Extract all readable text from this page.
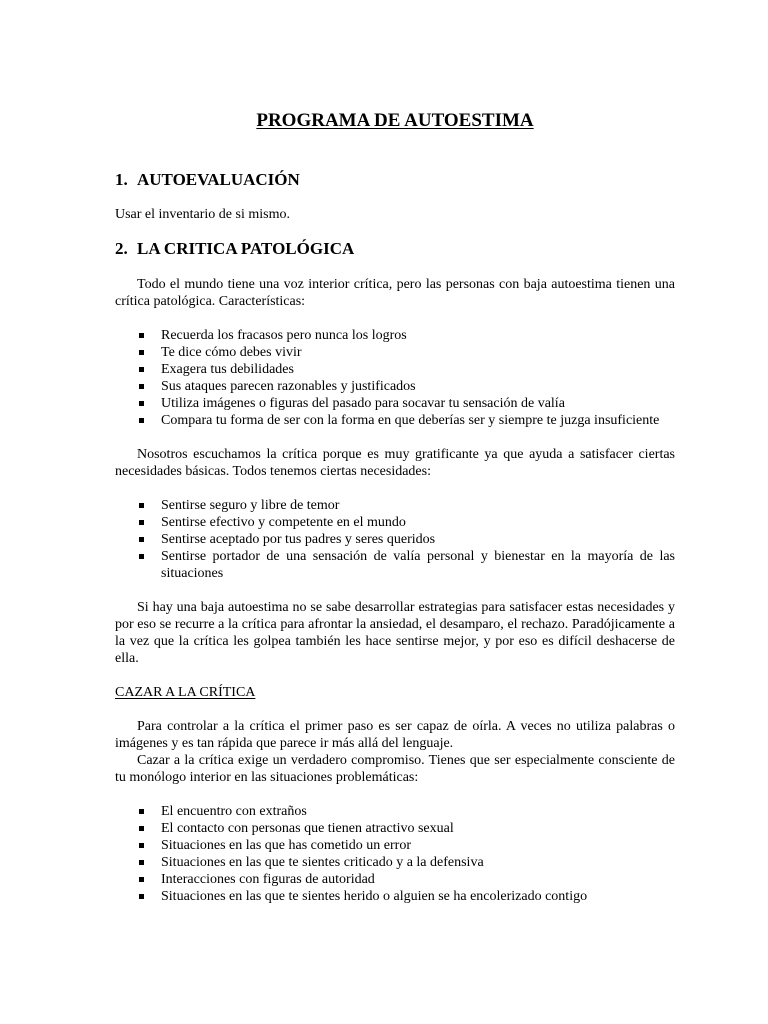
PROGRAMA DE AUTOESTIMA
1. AUTOEVALUACIÓN

Usar el inventario de si mismo.

2. LA CRITICA PATOLÓGICA

Todo el mundo tiene una voz interior crítica, pero las personas con baja autoestima tienen una crítica patológica. Características:

Recuerda los fracasos pero nunca los logros
Te dice cómo debes vivir
Exagera tus debilidades
Sus ataques parecen razonables y justificados
Utiliza imágenes o figuras del pasado para socavar tu sensación de valía
Compara tu forma de ser con la forma en que deberías ser y siempre te juzga insuficiente

Nosotros escuchamos la crítica porque es muy gratificante ya que ayuda a satisfacer ciertas necesidades básicas. Todos tenemos ciertas necesidades:

Sentirse seguro y libre de temor
Sentirse efectivo y competente en el mundo
Sentirse aceptado por tus padres y seres queridos
Sentirse portador de una sensación de valía personal y bienestar en la mayoría de las situaciones

Si hay una baja autoestima no se sabe desarrollar estrategias para satisfacer estas necesidades y por eso se recurre a la crítica para afrontar la ansiedad, el desamparo, el rechazo. Paradójicamente a la vez que la crítica les golpea también les hace sentirse mejor, y por eso es difícil deshacerse de ella.

CAZAR A LA CRÍTICA

Para controlar a la crítica el primer paso es ser capaz de oírla. A veces no utiliza palabras o imágenes y es tan rápida que parece ir más allá del lenguaje.

Cazar a la crítica exige un verdadero compromiso. Tienes que ser especialmente consciente de tu monólogo interior en las situaciones problemáticas:

El encuentro con extraños
El contacto con personas que tienen atractivo sexual
Situaciones en las que has cometido un error
Situaciones en las que te sientes criticado y a la defensiva
Interacciones con figuras de autoridad
Situaciones en las que te sientes herido o alguien se ha encolerizado contigo
